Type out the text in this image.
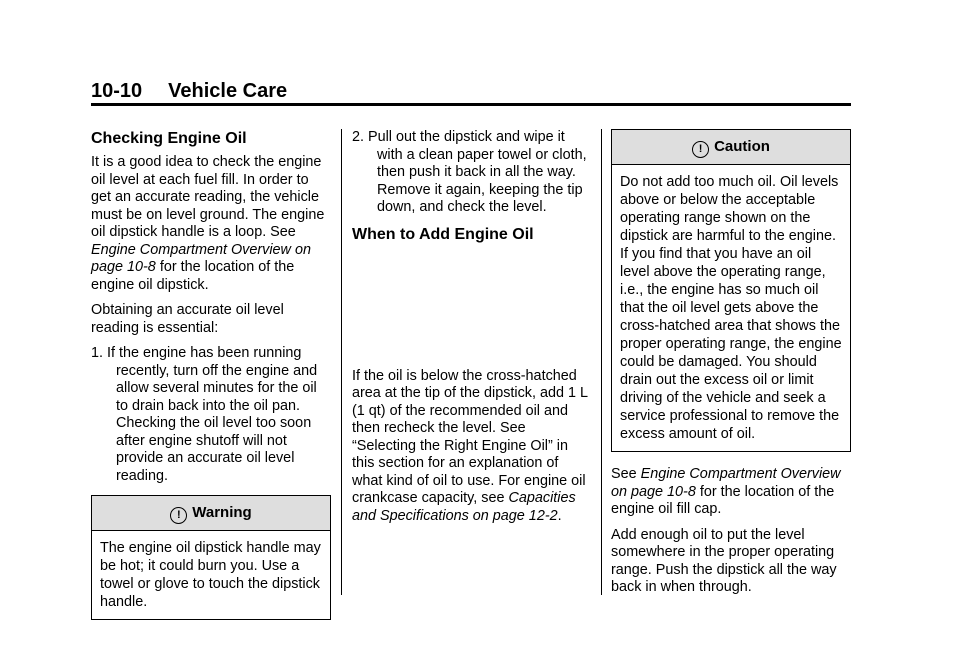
10-10 Vehicle Care
Checking Engine Oil

It is a good idea to check the engine oil level at each fuel fill. In order to get an accurate reading, the vehicle must be on level ground. The engine oil dipstick handle is a loop. See Engine Compartment Overview on page 10-8 for the location of the engine oil dipstick.

Obtaining an accurate oil level reading is essential:

1. If the engine has been running recently, turn off the engine and allow several minutes for the oil to drain back into the oil pan. Checking the oil level too soon after engine shutoff will not provide an accurate oil level reading.

! Warning
The engine oil dipstick handle may be hot; it could burn you. Use a towel or glove to touch the dipstick handle.

2. Pull out the dipstick and wipe it with a clean paper towel or cloth, then push it back in all the way. Remove it again, keeping the tip down, and check the level.

When to Add Engine Oil

If the oil is below the cross-hatched area at the tip of the dipstick, add 1 L (1 qt) of the recommended oil and then recheck the level. See “Selecting the Right Engine Oil” in this section for an explanation of what kind of oil to use. For engine oil crankcase capacity, see Capacities and Specifications on page 12-2.

! Caution
Do not add too much oil. Oil levels above or below the acceptable operating range shown on the dipstick are harmful to the engine. If you find that you have an oil level above the operating range, i.e., the engine has so much oil that the oil level gets above the cross-hatched area that shows the proper operating range, the engine could be damaged. You should drain out the excess oil or limit driving of the vehicle and seek a service professional to remove the excess amount of oil.

See Engine Compartment Overview on page 10-8 for the location of the engine oil fill cap.

Add enough oil to put the level somewhere in the proper operating range. Push the dipstick all the way back in when through.
